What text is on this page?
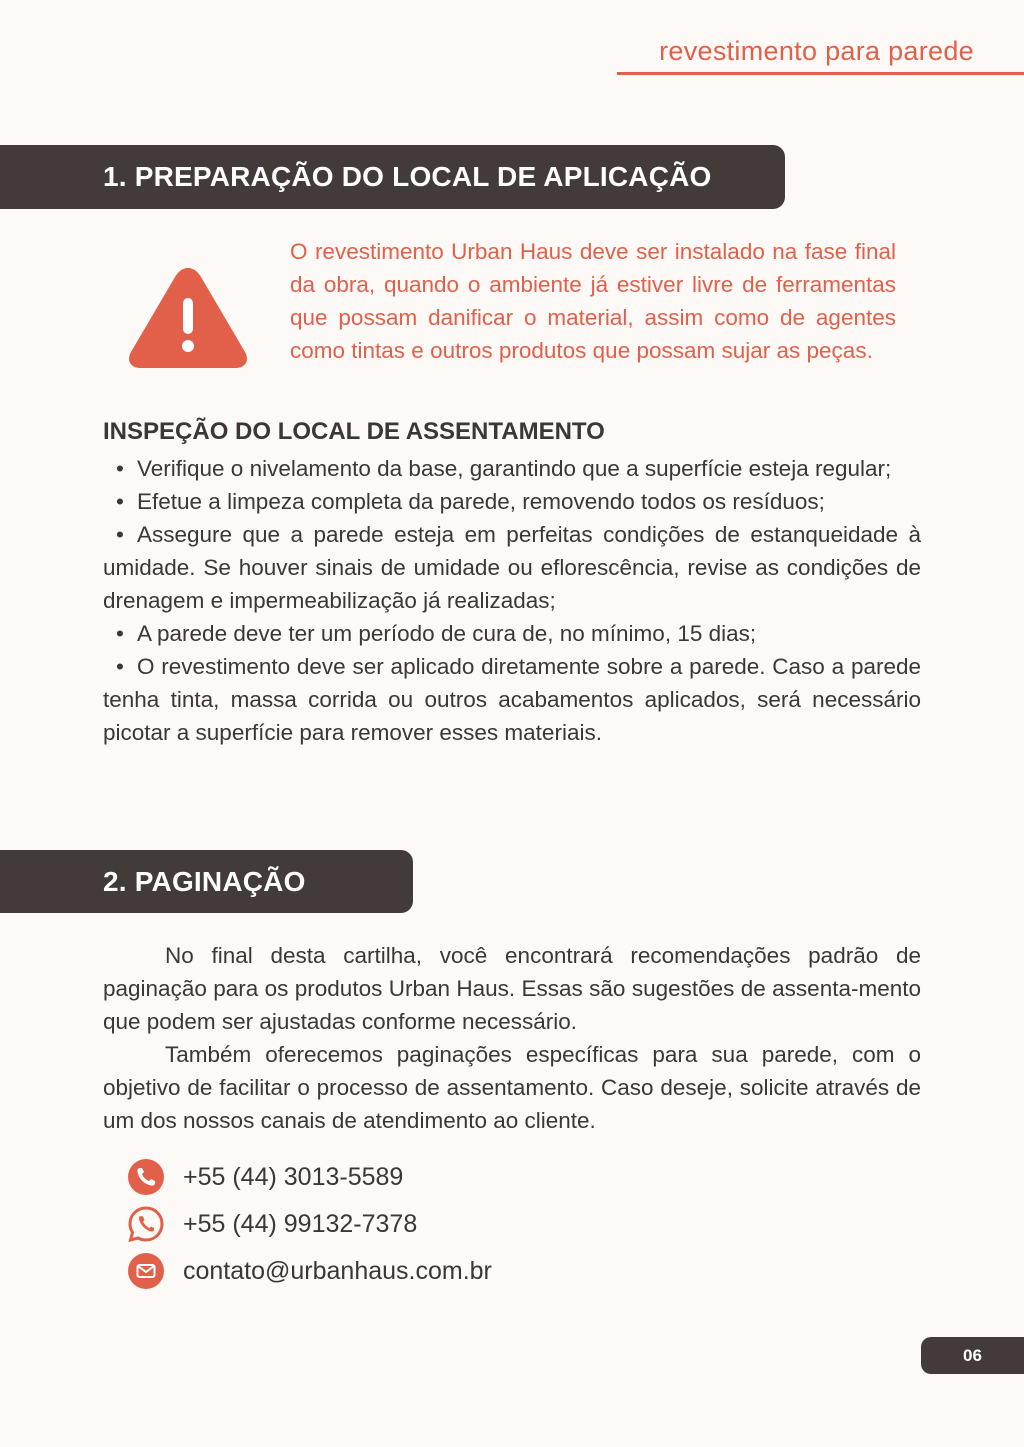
revestimento para parede
1. PREPARAÇÃO DO LOCAL DE APLICAÇÃO
O revestimento Urban Haus deve ser instalado na fase final da obra, quando o ambiente já estiver livre de ferramentas que possam danificar o material, assim como de agentes como tintas e outros produtos que possam sujar as peças.
INSPEÇÃO DO LOCAL DE ASSENTAMENTO
• Verifique o nivelamento da base, garantindo que a superfície esteja regular;
• Efetue a limpeza completa da parede, removendo todos os resíduos;
• Assegure que a parede esteja em perfeitas condições de estanqueidade à umidade. Se houver sinais de umidade ou eflorescência, revise as condições de drenagem e impermeabilização já realizadas;
• A parede deve ter um período de cura de, no mínimo, 15 dias;
• O revestimento deve ser aplicado diretamente sobre a parede. Caso a parede tenha tinta, massa corrida ou outros acabamentos aplicados, será necessário picotar a superfície para remover esses materiais.
2. PAGINAÇÃO

No final desta cartilha, você encontrará recomendações padrão de paginação para os produtos Urban Haus. Essas são sugestões de assenta-mento que podem ser ajustadas conforme necessário.

Também oferecemos paginações específicas para sua parede, com o objetivo de facilitar o processo de assentamento. Caso deseje, solicite através de um dos nossos canais de atendimento ao cliente.

+55 (44) 3013-5589
+55 (44) 99132-7378
contato@urbanhaus.com.br
06
